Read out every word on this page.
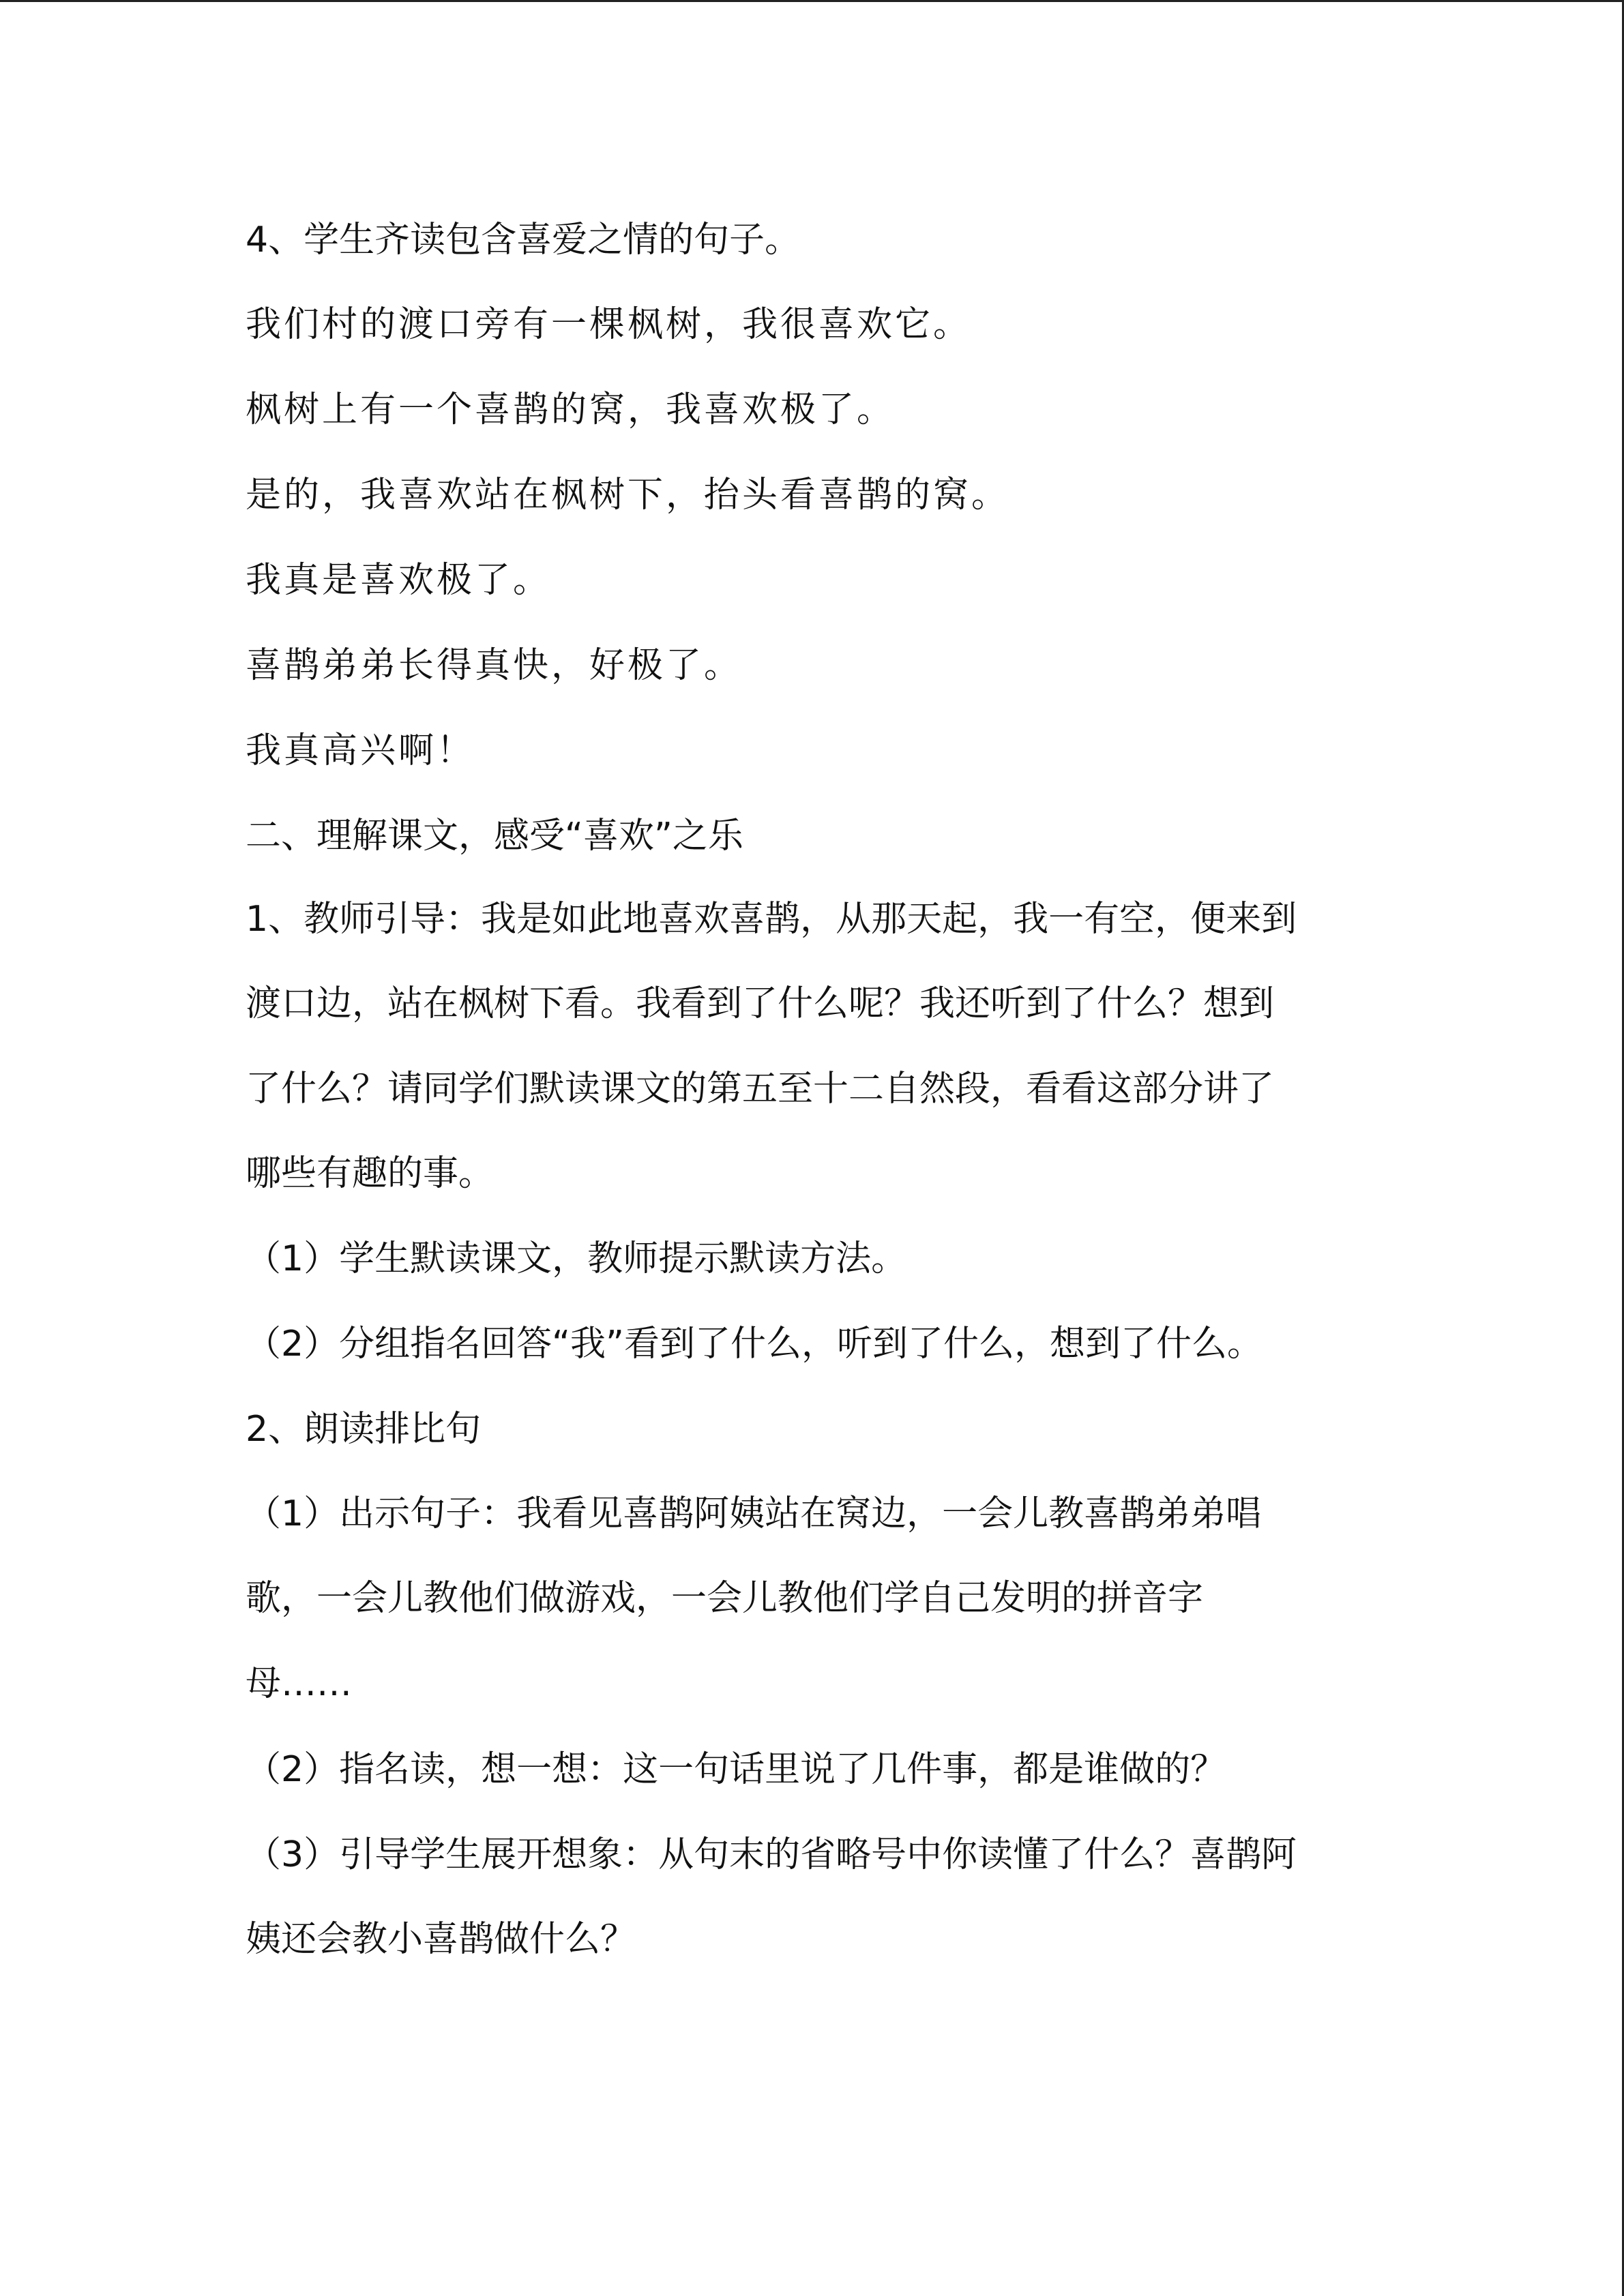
4、学生齐读包含喜爱之情的句子。

我们村的渡口旁有一棵枫树，我很喜欢它。

枫树上有一个喜鹊的窝，我喜欢极了。

是的，我喜欢站在枫树下，抬头看喜鹊的窝。

我真是喜欢极了。

喜鹊弟弟长得真快，好极了。

我真高兴啊！

二、理解课文，感受“喜欢”之乐

1、教师引导：我是如此地喜欢喜鹊，从那天起，我一有空，便来到

渡口边，站在枫树下看。我看到了什么呢？我还听到了什么？想到

了什么？请同学们默读课文的第五至十二自然段，看看这部分讲了

哪些有趣的事。

（1）学生默读课文，教师提示默读方法。

（2）分组指名回答“我”看到了什么，听到了什么，想到了什么。

2、朗读排比句

（1）出示句子：我看见喜鹊阿姨站在窝边，一会儿教喜鹊弟弟唱

歌，一会儿教他们做游戏，一会儿教他们学自己发明的拼音字

母……

（2）指名读，想一想：这一句话里说了几件事，都是谁做的？

（3）引导学生展开想象：从句末的省略号中你读懂了什么？喜鹊阿

姨还会教小喜鹊做什么？
